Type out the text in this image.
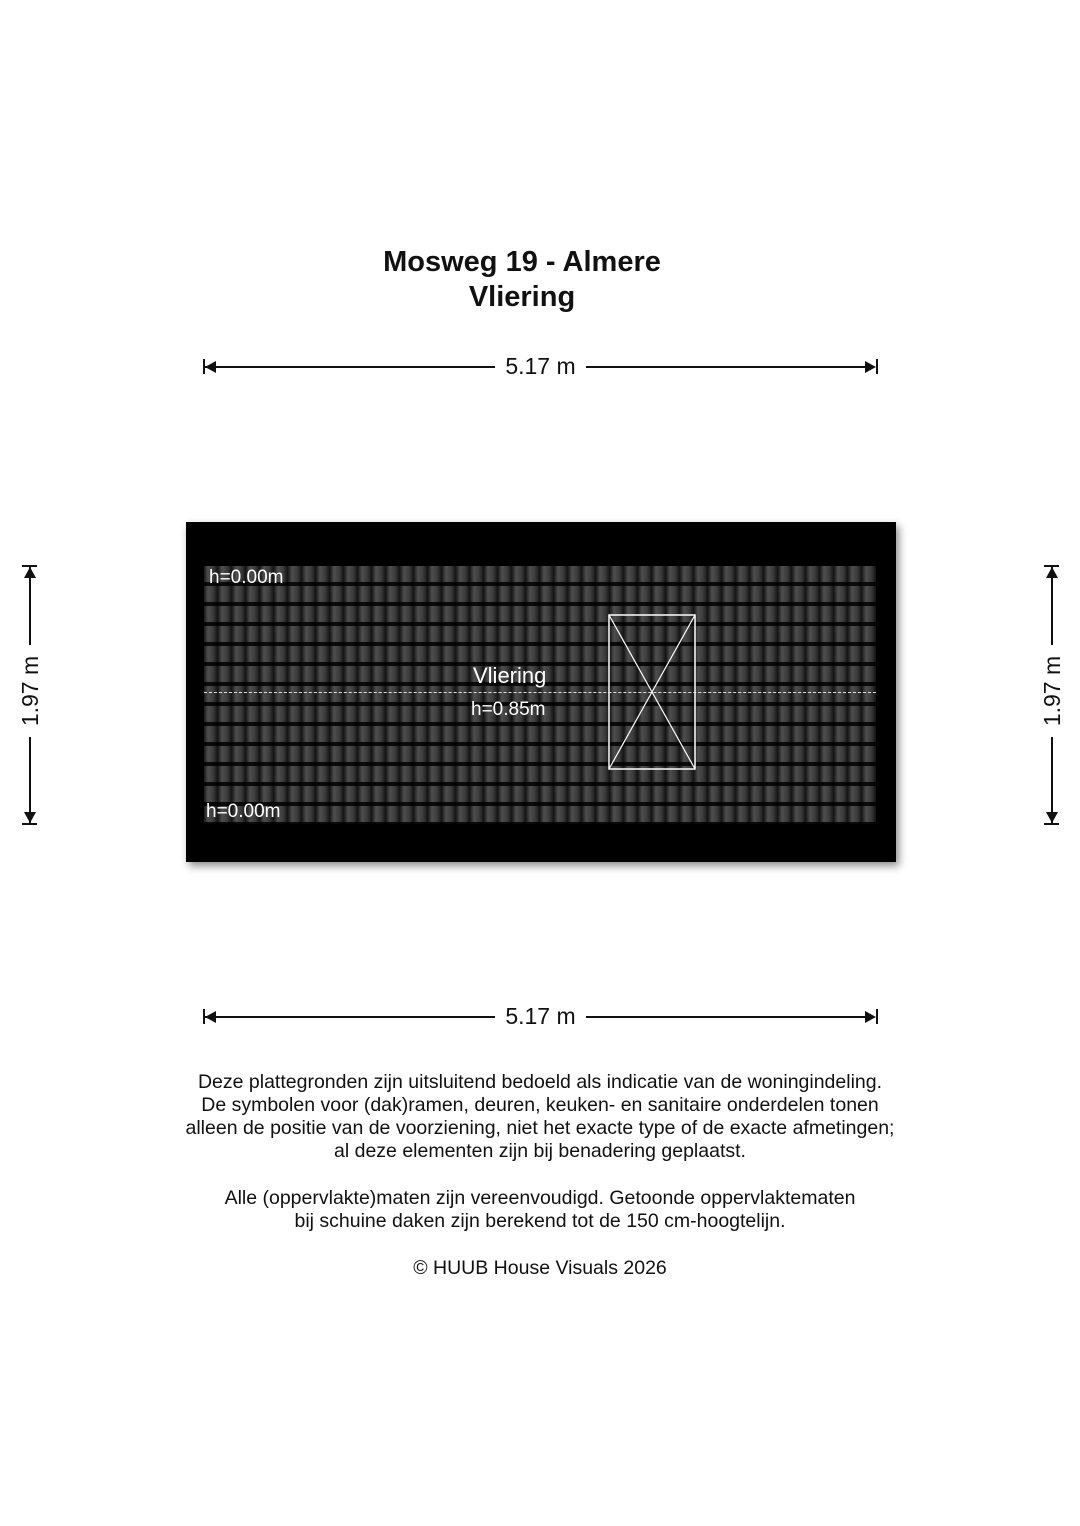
Mosweg 19 - Almere
Vliering
5.17 m
1.97 m	1.97 m
h=0.00m
h=0.00m
Vliering
h=0.85m
5.17 m
Deze plattegronden zijn uitsluitend bedoeld als indicatie van de woningindeling.
De symbolen voor (dak)ramen, deuren, keuken- en sanitaire onderdelen tonen
alleen de positie van de voorziening, niet het exacte type of de exacte afmetingen;
al deze elementen zijn bij benadering geplaatst.
Alle (oppervlakte)maten zijn vereenvoudigd. Getoonde oppervlaktematen
bij schuine daken zijn berekend tot de 150 cm-hoogtelijn.
© HUUB House Visuals 2026
